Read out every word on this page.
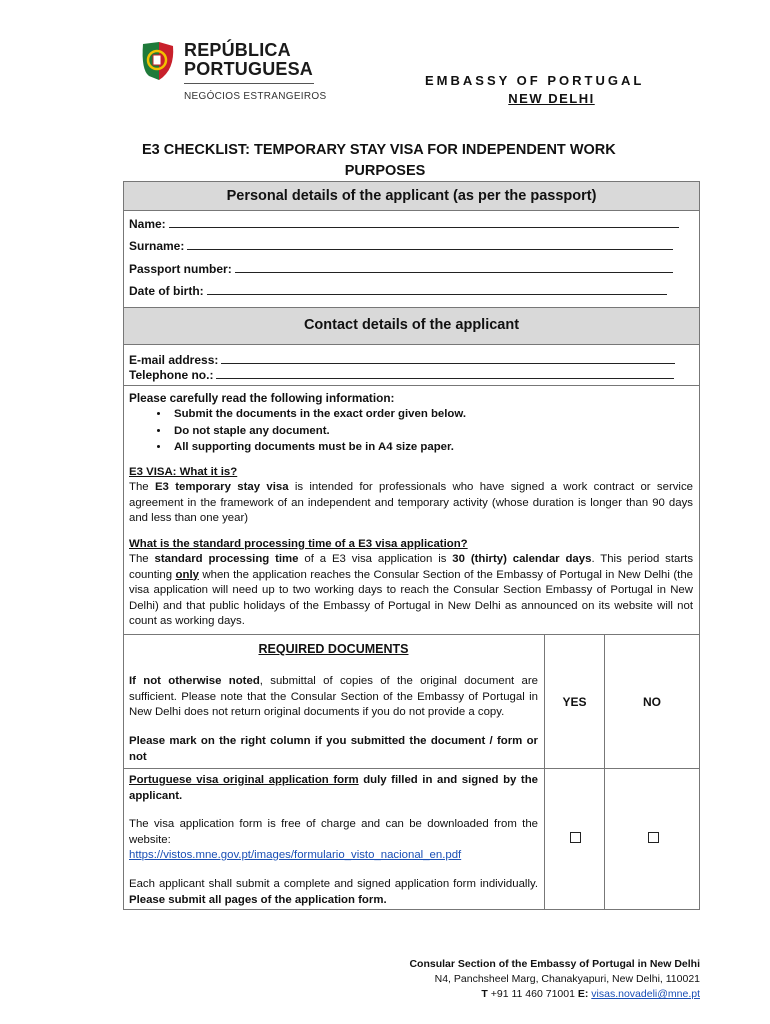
REPÚBLICA
PORTUGUESA
NEGÓCIOS ESTRANGEIROS
EMBASSY OF PORTUGAL
NEW DELHI
E3 CHECKLIST: TEMPORARY STAY VISA FOR INDEPENDENT WORK
PURPOSES
Personal details of the applicant (as per the passport)
Name:
Surname:
Passport number:
Date of birth:
Contact details of the applicant
E-mail address:
Telephone no.:
Please carefully read the following information:
• Submit the documents in the exact order given below.
• Do not staple any document.
• All supporting documents must be in A4 size paper.
E3 VISA: What it is?
The E3 temporary stay visa is intended for professionals who have signed a work contract or service agreement in the framework of an independent and temporary activity (whose duration is longer than 90 days and less than one year)
What is the standard processing time of a E3 visa application?
The standard processing time of a E3 visa application is 30 (thirty) calendar days. This period starts counting only when the application reaches the Consular Section of the Embassy of Portugal in New Delhi (the visa application will need up to two working days to reach the Consular Section Embassy of Portugal in New Delhi) and that public holidays of the Embassy of Portugal in New Delhi as announced on its website will not count as working days.
REQUIRED DOCUMENTS
If not otherwise noted, submittal of copies of the original document are sufficient. Please note that the Consular Section of the Embassy of Portugal in New Delhi does not return original documents if you do not provide a copy.
Please mark on the right column if you submitted the document / form or not
YES	NO
Portuguese visa original application form duly filled in and signed by the applicant.
The visa application form is free of charge and can be downloaded from the website:
https://vistos.mne.gov.pt/images/formulario_visto_nacional_en.pdf
Each applicant shall submit a complete and signed application form individually. Please submit all pages of the application form.
Consular Section of the Embassy of Portugal in New Delhi
N4, Panchsheel Marg, Chanakyapuri, New Delhi, 110021
T +91 11 460 71001 E: visas.novadeli@mne.pt
